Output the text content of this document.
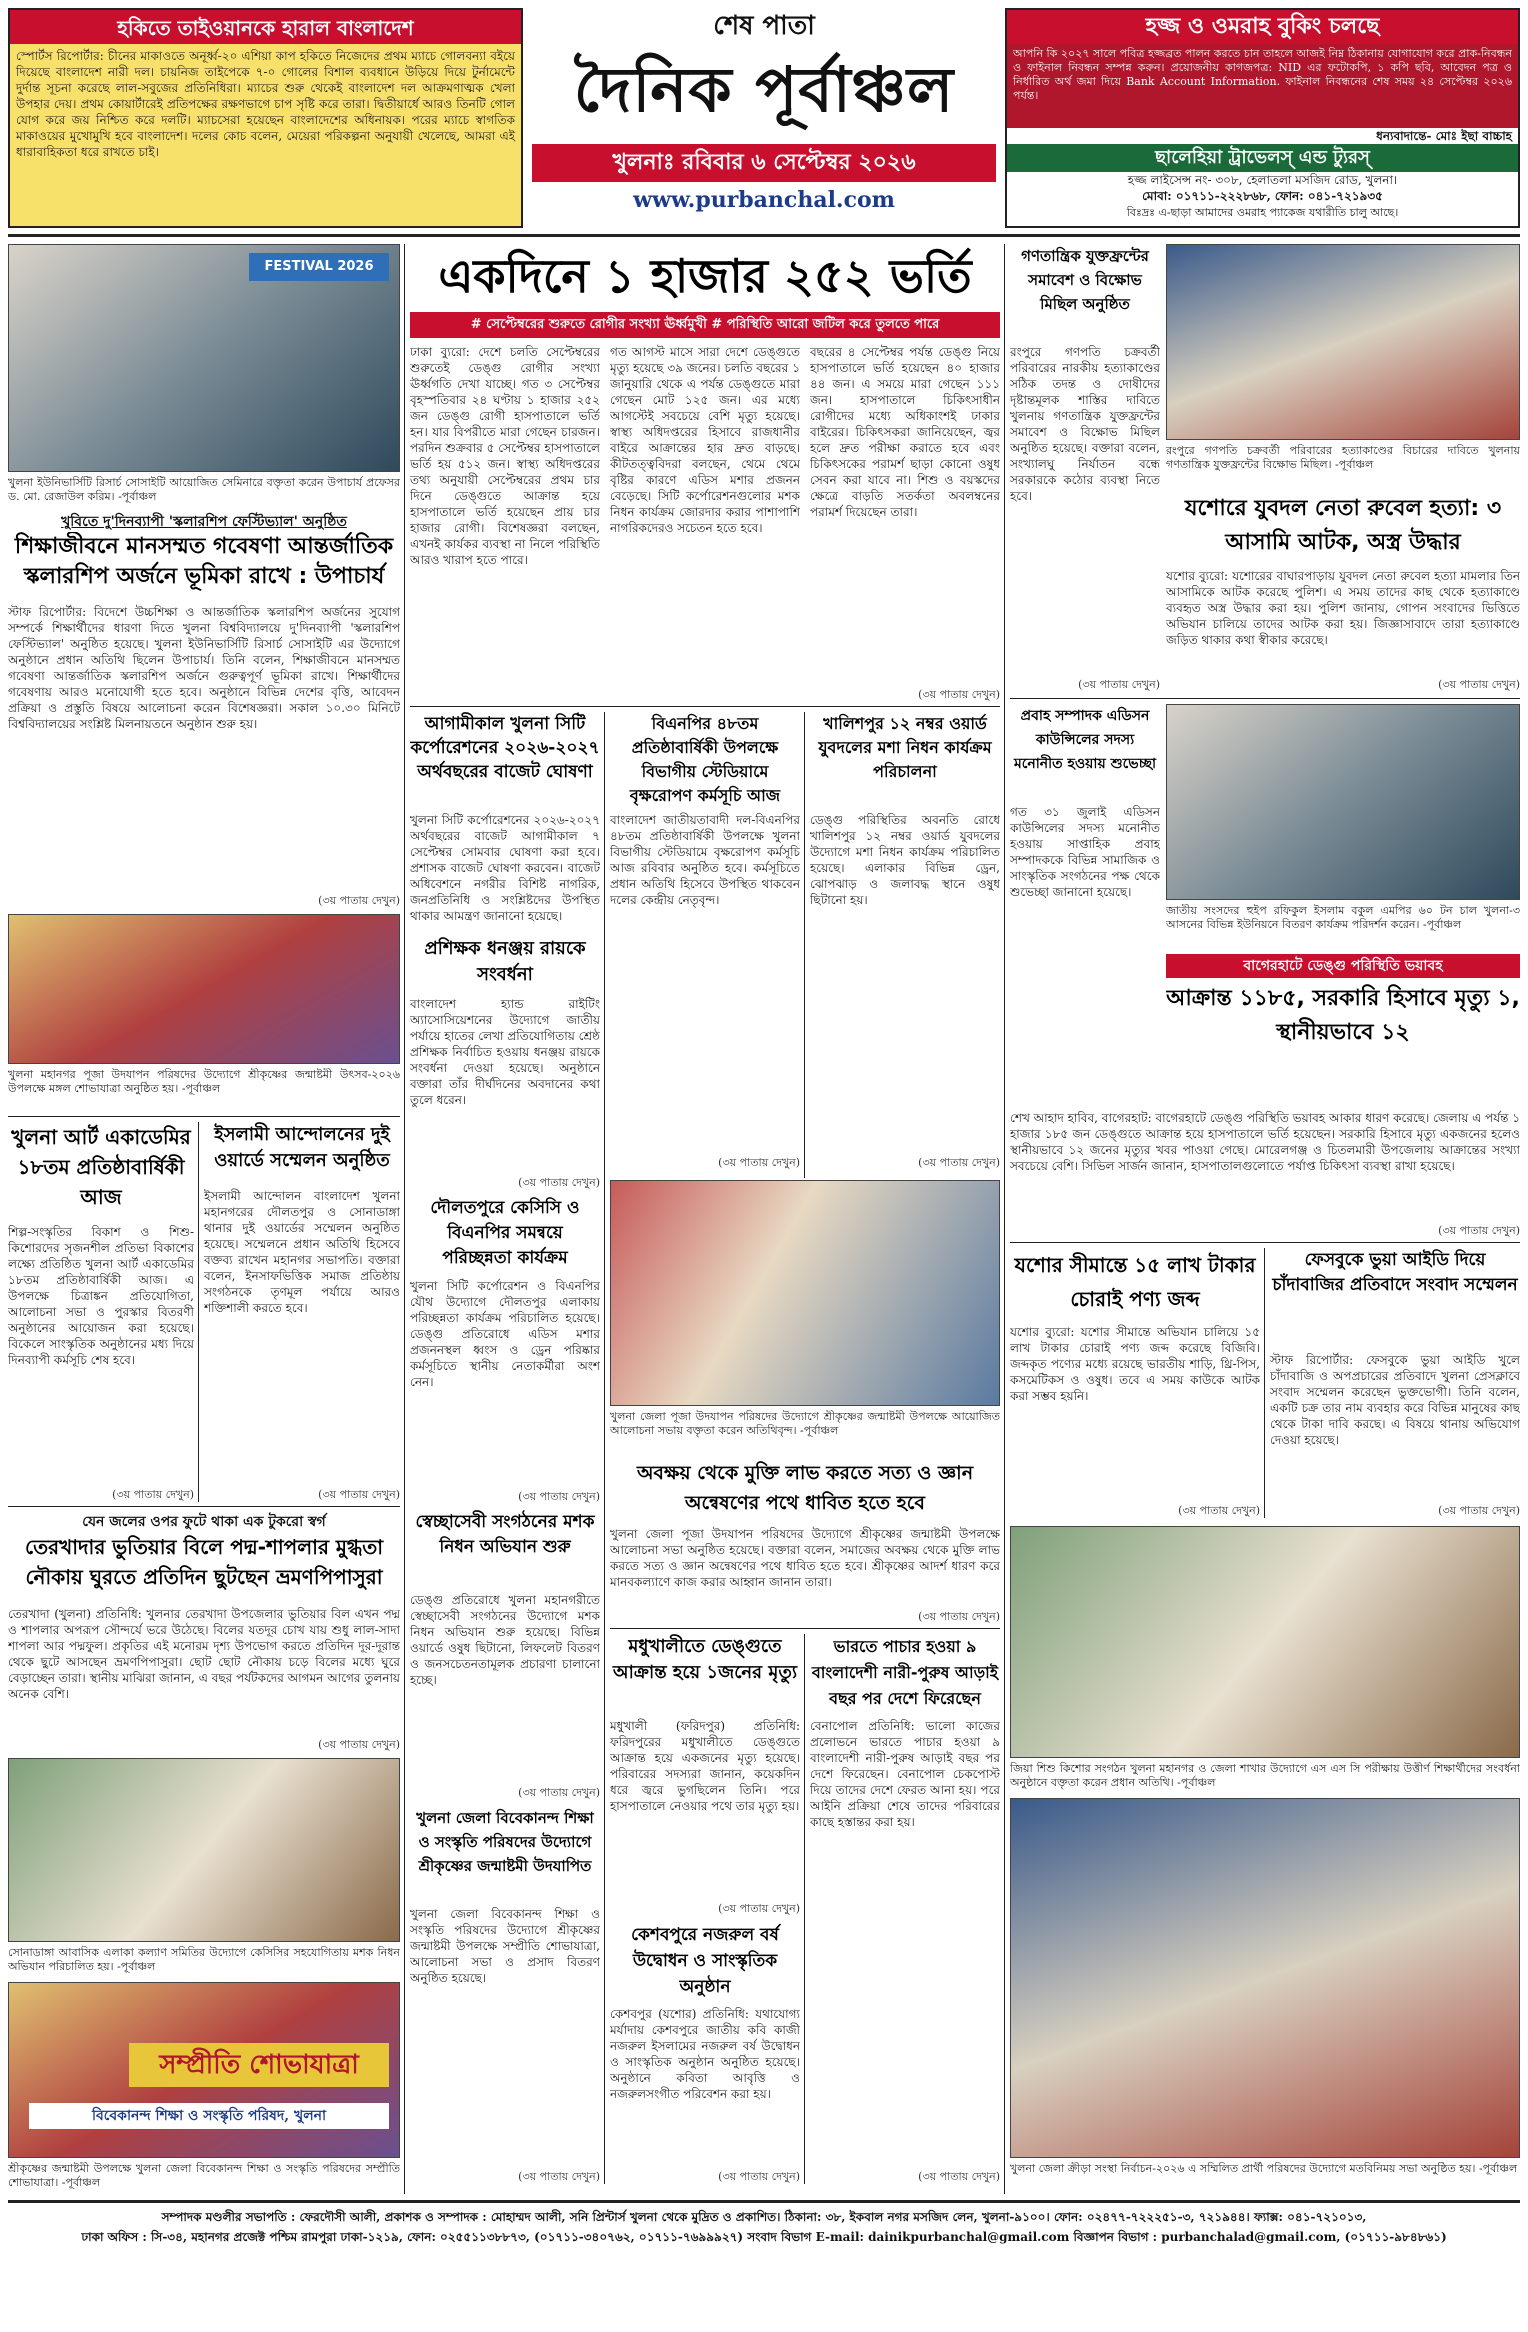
হকিতে তাইওয়ানকে হারাল বাংলাদেশ
স্পোর্টস রিপোর্টার: চীনের মাকাওতে অনূর্ধ্ব-২০ এশিয়া কাপ হকিতে নিজেদের প্রথম ম্যাচে গোলবন্যা বইয়ে দিয়েছে বাংলাদেশ নারী দল। চায়নিজ তাইপেকে ৭-০ গোলের বিশাল ব্যবধানে উড়িয়ে দিয়ে টুর্নামেন্টে দুর্দান্ত সূচনা করেছে লাল-সবুজের প্রতিনিধিরা। ম্যাচের শুরু থেকেই বাংলাদেশ দল আক্রমণাত্মক খেলা উপহার দেয়। প্রথম কোয়ার্টারেই প্রতিপক্ষের রক্ষণভাগে চাপ সৃষ্টি করে তারা। দ্বিতীয়ার্ধে আরও তিনটি গোল যোগ করে জয় নিশ্চিত করে দলটি। ম্যাচসেরা হয়েছেন বাংলাদেশের অধিনায়ক। পরের ম্যাচে স্বাগতিক মাকাওয়ের মুখোমুখি হবে বাংলাদেশ। দলের কোচ বলেন, মেয়েরা পরিকল্পনা অনুযায়ী খেলেছে, আমরা এই ধারাবাহিকতা ধরে রাখতে চাই।
শেষ পাতা
দৈনিক পূর্বাঞ্চল
খুলনাঃ রবিবার ৬ সেপ্টেম্বর ২০২৬
www.purbanchal.com
হজ্জ ও ওমরাহ বুকিং চলছে
আপনি কি ২০২৭ সালে পবিত্র হজ্জব্রত পালন করতে চান তাহলে আজই নিম্ন ঠিকানায় যোগাযোগ করে প্রাক-নিবন্ধন ও ফাইনাল নিবন্ধন সম্পন্ন করুন। প্রয়োজনীয় কাগজপত্র: NID এর ফটোকপি, ১ কপি ছবি, আবেদন পত্র ও নির্ধারিত অর্থ জমা দিয়ে Bank Account Information. ফাইনাল নিবন্ধনের শেষ সময় ২৪ সেপ্টেম্বর ২০২৬ পর্যন্ত।
ধন্যবাদান্তে- মোঃ ইছা বাচ্চাহ
ছালেহিয়া ট্রাভেলস্ এন্ড ট্যুরস্
হজ্জ লাইসেন্স নং- ৩০৮, হেলাতলা মসজিদ রোড, খুলনা।
মোবা: ০১৭১১-২২২৮৬৮, ফোন: ০৪১-৭২১৯৩৫
বিঃদ্রঃ এ-ছাড়া আমাদের ওমরাহ প্যাকেজ যথারীতি চালু আছে।
FESTIVAL 2026
খুলনা ইউনিভার্সিটি রিসার্চ সোসাইটি আয়োজিত সেমিনারে বক্তৃতা করেন উপাচার্য প্রফেসর ড. মো. রেজাউল করিম। -পূর্বাঞ্চল
খুবিতে দু'দিনব্যাপী 'স্কলারশিপ ফেস্টিভ্যাল' অনুষ্ঠিত
শিক্ষাজীবনে মানসম্মত গবেষণা আন্তর্জাতিক স্কলারশিপ অর্জনে ভূমিকা রাখে : উপাচার্য
স্টাফ রিপোর্টার: বিদেশে উচ্চশিক্ষা ও আন্তর্জাতিক স্কলারশিপ অর্জনের সুযোগ সম্পর্কে শিক্ষার্থীদের ধারণা দিতে খুলনা বিশ্ববিদ্যালয়ে দু'দিনব্যাপী 'স্কলারশিপ ফেস্টিভ্যাল' অনুষ্ঠিত হয়েছে। খুলনা ইউনিভার্সিটি রিসার্চ সোসাইটি এর উদ্যোগে অনুষ্ঠানে প্রধান অতিথি ছিলেন উপাচার্য। তিনি বলেন, শিক্ষাজীবনে মানসম্মত গবেষণা আন্তর্জাতিক স্কলারশিপ অর্জনে গুরুত্বপূর্ণ ভূমিকা রাখে। শিক্ষার্থীদের গবেষণায় আরও মনোযোগী হতে হবে। অনুষ্ঠানে বিভিন্ন দেশের বৃত্তি, আবেদন প্রক্রিয়া ও প্রস্তুতি বিষয়ে আলোচনা করেন বিশেষজ্ঞরা। সকাল ১০.৩০ মিনিটে বিশ্ববিদ্যালয়ের সংশ্লিষ্ট মিলনায়তনে অনুষ্ঠান শুরু হয়।
(৩য় পাতায় দেখুন)
খুলনা মহানগর পূজা উদযাপন পরিষদের উদ্যোগে শ্রীকৃষ্ণের জন্মাষ্টমী উৎসব-২০২৬ উপলক্ষে মঙ্গল শোভাযাত্রা অনুষ্ঠিত হয়। -পূর্বাঞ্চল
খুলনা আর্ট একাডেমির ১৮তম প্রতিষ্ঠাবার্ষিকী আজ
শিল্প-সংস্কৃতির বিকাশ ও শিশু-কিশোরদের সৃজনশীল প্রতিভা বিকাশের লক্ষ্যে প্রতিষ্ঠিত খুলনা আর্ট একাডেমির ১৮তম প্রতিষ্ঠাবার্ষিকী আজ। এ উপলক্ষে চিত্রাঙ্কন প্রতিযোগিতা, আলোচনা সভা ও পুরস্কার বিতরণী অনুষ্ঠানের আয়োজন করা হয়েছে। বিকেলে সাংস্কৃতিক অনুষ্ঠানের মধ্য দিয়ে দিনব্যাপী কর্মসূচি শেষ হবে।
(৩য় পাতায় দেখুন)
ইসলামী আন্দোলনের দুই ওয়ার্ডে সম্মেলন অনুষ্ঠিত
ইসলামী আন্দোলন বাংলাদেশ খুলনা মহানগরের দৌলতপুর ও সোনাডাঙ্গা থানার দুই ওয়ার্ডের সম্মেলন অনুষ্ঠিত হয়েছে। সম্মেলনে প্রধান অতিথি হিসেবে বক্তব্য রাখেন মহানগর সভাপতি। বক্তারা বলেন, ইনসাফভিত্তিক সমাজ প্রতিষ্ঠায় সংগঠনকে তৃণমূল পর্যায়ে আরও শক্তিশালী করতে হবে।
(৩য় পাতায় দেখুন)
যেন জলের ওপর ফুটে থাকা এক টুকরো স্বর্গ
তেরখাদার ভুতিয়ার বিলে পদ্ম-শাপলার মুগ্ধতা নৌকায় ঘুরতে প্রতিদিন ছুটছেন ভ্রমণপিপাসুরা
তেরখাদা (খুলনা) প্রতিনিধি: খুলনার তেরখাদা উপজেলার ভুতিয়ার বিল এখন পদ্ম ও শাপলার অপরূপ সৌন্দর্যে ভরে উঠেছে। বিলের যতদূর চোখ যায় শুধু লাল-সাদা শাপলা আর পদ্মফুল। প্রকৃতির এই মনোরম দৃশ্য উপভোগ করতে প্রতিদিন দূর-দূরান্ত থেকে ছুটে আসছেন ভ্রমণপিপাসুরা। ছোট ছোট নৌকায় চড়ে বিলের মধ্যে ঘুরে বেড়াচ্ছেন তারা। স্থানীয় মাঝিরা জানান, এ বছর পর্যটকদের আগমন আগের তুলনায় অনেক বেশি।
(৩য় পাতায় দেখুন)
সোনাডাঙ্গা আবাসিক এলাকা কল্যাণ সমিতির উদ্যোগে কেসিসির সহযোগিতায় মশক নিধন অভিযান পরিচালিত হয়। -পূর্বাঞ্চল
সম্প্রীতি শোভাযাত্রা
বিবেকানন্দ শিক্ষা ও সংস্কৃতি পরিষদ, খুলনা
শ্রীকৃষ্ণের জন্মাষ্টমী উপলক্ষে খুলনা জেলা বিবেকানন্দ শিক্ষা ও সংস্কৃতি পরিষদের সম্প্রীতি শোভাযাত্রা। -পূর্বাঞ্চল
একদিনে ১ হাজার ২৫২ ভর্তি
# সেপ্টেম্বরের শুরুতে রোগীর সংখ্যা ঊর্ধ্বমুখী # পরিস্থিতি আরো জটিল করে তুলতে পারে
ঢাকা ব্যুরো: দেশে চলতি সেপ্টেম্বরের শুরুতেই ডেঙ্গু রোগীর সংখ্যা ঊর্ধ্বগতি দেখা যাচ্ছে। গত ৩ সেপ্টেম্বর বৃহস্পতিবার ২৪ ঘণ্টায় ১ হাজার ২৫২ জন ডেঙ্গু রোগী হাসপাতালে ভর্তি হন। যার বিপরীতে মারা গেছেন চারজন। পরদিন শুক্রবার ৫ সেপ্টেম্বর হাসপাতালে ভর্তি হয় ৫১২ জন। স্বাস্থ্য অধিদপ্তরের তথ্য অনুযায়ী সেপ্টেম্বরের প্রথম চার দিনে ডেঙ্গুতে আক্রান্ত হয়ে হাসপাতালে ভর্তি হয়েছেন প্রায় চার হাজার রোগী। বিশেষজ্ঞরা বলছেন, এখনই কার্যকর ব্যবস্থা না নিলে পরিস্থিতি আরও খারাপ হতে পারে।
গত আগস্ট মাসে সারা দেশে ডেঙ্গুতে মৃত্যু হয়েছে ৩৯ জনের। চলতি বছরের ১ জানুয়ারি থেকে এ পর্যন্ত ডেঙ্গুতে মারা গেছেন মোট ১২৫ জন। এর মধ্যে আগস্টেই সবচেয়ে বেশি মৃত্যু হয়েছে। স্বাস্থ্য অধিদপ্তরের হিসাবে রাজধানীর বাইরে আক্রান্তের হার দ্রুত বাড়ছে। কীটতত্ত্ববিদরা বলছেন, থেমে থেমে বৃষ্টির কারণে এডিস মশার প্রজনন বেড়েছে। সিটি কর্পোরেশনগুলোর মশক নিধন কার্যক্রম জোরদার করার পাশাপাশি নাগরিকদেরও সচেতন হতে হবে।
বছরের ৪ সেপ্টেম্বর পর্যন্ত ডেঙ্গু নিয়ে হাসপাতালে ভর্তি হয়েছেন ৪০ হাজার ৪৪ জন। এ সময়ে মারা গেছেন ১১১ জন। হাসপাতালে চিকিৎসাধীন রোগীদের মধ্যে অধিকাংশই ঢাকার বাইরের। চিকিৎসকরা জানিয়েছেন, জ্বর হলে দ্রুত পরীক্ষা করাতে হবে এবং চিকিৎসকের পরামর্শ ছাড়া কোনো ওষুধ সেবন করা যাবে না। শিশু ও বয়স্কদের ক্ষেত্রে বাড়তি সতর্কতা অবলম্বনের পরামর্শ দিয়েছেন তারা।
(৩য় পাতায় দেখুন)
আগামীকাল খুলনা সিটি কর্পোরেশনের ২০২৬-২০২৭ অর্থবছরের বাজেট ঘোষণা
খুলনা সিটি কর্পোরেশনের ২০২৬-২০২৭ অর্থবছরের বাজেট আগামীকাল ৭ সেপ্টেম্বর সোমবার ঘোষণা করা হবে। প্রশাসক বাজেট ঘোষণা করবেন। বাজেট অধিবেশনে নগরীর বিশিষ্ট নাগরিক, জনপ্রতিনিধি ও সংশ্লিষ্টদের উপস্থিত থাকার আমন্ত্রণ জানানো হয়েছে।
প্রশিক্ষক ধনঞ্জয় রায়কে সংবর্ধনা
বাংলাদেশ হ্যান্ড রাইটিং অ্যাসোসিয়েশনের উদ্যোগে জাতীয় পর্যায়ে হাতের লেখা প্রতিযোগিতায় শ্রেষ্ঠ প্রশিক্ষক নির্বাচিত হওয়ায় ধনঞ্জয় রায়কে সংবর্ধনা দেওয়া হয়েছে। অনুষ্ঠানে বক্তারা তাঁর দীর্ঘদিনের অবদানের কথা তুলে ধরেন।
(৩য় পাতায় দেখুন)
দৌলতপুরে কেসিসি ও বিএনপির সমন্বয়ে পরিচ্ছন্নতা কার্যক্রম
খুলনা সিটি কর্পোরেশন ও বিএনপির যৌথ উদ্যোগে দৌলতপুর এলাকায় পরিচ্ছন্নতা কার্যক্রম পরিচালিত হয়েছে। ডেঙ্গু প্রতিরোধে এডিস মশার প্রজননস্থল ধ্বংস ও ড্রেন পরিষ্কার কর্মসূচিতে স্থানীয় নেতাকর্মীরা অংশ নেন।
(৩য় পাতায় দেখুন)
স্বেচ্ছাসেবী সংগঠনের মশক নিধন অভিযান শুরু
ডেঙ্গু প্রতিরোধে খুলনা মহানগরীতে স্বেচ্ছাসেবী সংগঠনের উদ্যোগে মশক নিধন অভিযান শুরু হয়েছে। বিভিন্ন ওয়ার্ডে ওষুধ ছিটানো, লিফলেট বিতরণ ও জনসচেতনতামূলক প্রচারণা চালানো হচ্ছে।
(৩য় পাতায় দেখুন)
খুলনা জেলা বিবেকানন্দ শিক্ষা ও সংস্কৃতি পরিষদের উদ্যোগে শ্রীকৃষ্ণের জন্মাষ্টমী উদযাপিত
খুলনা জেলা বিবেকানন্দ শিক্ষা ও সংস্কৃতি পরিষদের উদ্যোগে শ্রীকৃষ্ণের জন্মাষ্টমী উপলক্ষে সম্প্রীতি শোভাযাত্রা, আলোচনা সভা ও প্রসাদ বিতরণ অনুষ্ঠিত হয়েছে।
(৩য় পাতায় দেখুন)
বিএনপির ৪৮তম প্রতিষ্ঠাবার্ষিকী উপলক্ষে বিভাগীয় স্টেডিয়ামে বৃক্ষরোপণ কর্মসূচি আজ
বাংলাদেশ জাতীয়তাবাদী দল-বিএনপির ৪৮তম প্রতিষ্ঠাবার্ষিকী উপলক্ষে খুলনা বিভাগীয় স্টেডিয়ামে বৃক্ষরোপণ কর্মসূচি আজ রবিবার অনুষ্ঠিত হবে। কর্মসূচিতে প্রধান অতিথি হিসেবে উপস্থিত থাকবেন দলের কেন্দ্রীয় নেতৃবৃন্দ।
(৩য় পাতায় দেখুন)
খালিশপুর ১২ নম্বর ওয়ার্ড যুবদলের মশা নিধন কার্যক্রম পরিচালনা
ডেঙ্গু পরিস্থিতির অবনতি রোধে খালিশপুর ১২ নম্বর ওয়ার্ড যুবদলের উদ্যোগে মশা নিধন কার্যক্রম পরিচালিত হয়েছে। এলাকার বিভিন্ন ড্রেন, ঝোপঝাড় ও জলাবদ্ধ স্থানে ওষুধ ছিটানো হয়।
(৩য় পাতায় দেখুন)
খুলনা জেলা পূজা উদযাপন পরিষদের উদ্যোগে শ্রীকৃষ্ণের জন্মাষ্টমী উপলক্ষে আয়োজিত আলোচনা সভায় বক্তৃতা করেন অতিথিবৃন্দ। -পূর্বাঞ্চল
অবক্ষয় থেকে মুক্তি লাভ করতে সত্য ও জ্ঞান অন্বেষণের পথে ধাবিত হতে হবে
খুলনা জেলা পূজা উদযাপন পরিষদের উদ্যোগে শ্রীকৃষ্ণের জন্মাষ্টমী উপলক্ষে আলোচনা সভা অনুষ্ঠিত হয়েছে। বক্তারা বলেন, সমাজের অবক্ষয় থেকে মুক্তি লাভ করতে সত্য ও জ্ঞান অন্বেষণের পথে ধাবিত হতে হবে। শ্রীকৃষ্ণের আদর্শ ধারণ করে মানবকল্যাণে কাজ করার আহ্বান জানান তারা।
(৩য় পাতায় দেখুন)
মধুখালীতে ডেঙ্গুতে আক্রান্ত হয়ে ১জনের মৃত্যু
মধুখালী (ফরিদপুর) প্রতিনিধি: ফরিদপুরের মধুখালীতে ডেঙ্গুতে আক্রান্ত হয়ে একজনের মৃত্যু হয়েছে। পরিবারের সদস্যরা জানান, কয়েকদিন ধরে জ্বরে ভুগছিলেন তিনি। পরে হাসপাতালে নেওয়ার পথে তার মৃত্যু হয়।
(৩য় পাতায় দেখুন)
কেশবপুরে নজরুল বর্ষ উদ্বোধন ও সাংস্কৃতিক অনুষ্ঠান
কেশবপুর (যশোর) প্রতিনিধি: যথাযোগ্য মর্যাদায় কেশবপুরে জাতীয় কবি কাজী নজরুল ইসলামের নজরুল বর্ষ উদ্বোধন ও সাংস্কৃতিক অনুষ্ঠান অনুষ্ঠিত হয়েছে। অনুষ্ঠানে কবিতা আবৃত্তি ও নজরুলসংগীত পরিবেশন করা হয়।
(৩য় পাতায় দেখুন)
ভারতে পাচার হওয়া ৯ বাংলাদেশী নারী-পুরুষ আড়াই বছর পর দেশে ফিরেছেন
বেনাপোল প্রতিনিধি: ভালো কাজের প্রলোভনে ভারতে পাচার হওয়া ৯ বাংলাদেশী নারী-পুরুষ আড়াই বছর পর দেশে ফিরেছেন। বেনাপোল চেকপোস্ট দিয়ে তাদের দেশে ফেরত আনা হয়। পরে আইনি প্রক্রিয়া শেষে তাদের পরিবারের কাছে হস্তান্তর করা হয়।
(৩য় পাতায় দেখুন)
গণতান্ত্রিক যুক্তফ্রন্টের সমাবেশ ও বিক্ষোভ মিছিল অনুষ্ঠিত
রংপুরে গণপতি চক্রবর্তী পরিবারের নারকীয় হত্যাকাণ্ডের সঠিক তদন্ত ও দোষীদের দৃষ্টান্তমূলক শাস্তির দাবিতে খুলনায় গণতান্ত্রিক যুক্তফ্রন্টের সমাবেশ ও বিক্ষোভ মিছিল অনুষ্ঠিত হয়েছে। বক্তারা বলেন, সংখ্যালঘু নির্যাতন বন্ধে সরকারকে কঠোর ব্যবস্থা নিতে হবে।
(৩য় পাতায় দেখুন)
রংপুরে গণপতি চক্রবর্তী পরিবারের হত্যাকাণ্ডের বিচারের দাবিতে খুলনায় গণতান্ত্রিক যুক্তফ্রন্টের বিক্ষোভ মিছিল। -পূর্বাঞ্চল
যশোরে যুবদল নেতা রুবেল হত্যা: ৩ আসামি আটক, অস্ত্র উদ্ধার
যশোর ব্যুরো: যশোরের বাঘারপাড়ায় যুবদল নেতা রুবেল হত্যা মামলার তিন আসামিকে আটক করেছে পুলিশ। এ সময় তাদের কাছ থেকে হত্যাকাণ্ডে ব্যবহৃত অস্ত্র উদ্ধার করা হয়। পুলিশ জানায়, গোপন সংবাদের ভিত্তিতে অভিযান চালিয়ে তাদের আটক করা হয়। জিজ্ঞাসাবাদে তারা হত্যাকাণ্ডে জড়িত থাকার কথা স্বীকার করেছে।
(৩য় পাতায় দেখুন)
প্রবাহ সম্পাদক এডিসন কাউন্সিলের সদস্য মনোনীত হওয়ায় শুভেচ্ছা
গত ৩১ জুলাই এডিসন কাউন্সিলের সদস্য মনোনীত হওয়ায় সাপ্তাহিক প্রবাহ সম্পাদককে বিভিন্ন সামাজিক ও সাংস্কৃতিক সংগঠনের পক্ষ থেকে শুভেচ্ছা জানানো হয়েছে।
জাতীয় সংসদের হুইপ রফিকুল ইসলাম বকুল এমপির ৬০ টন চাল খুলনা-৩ আসনের বিভিন্ন ইউনিয়নে বিতরণ কার্যক্রম পরিদর্শন করেন। -পূর্বাঞ্চল
বাগেরহাটে ডেঙ্গু পরিস্থিতি ভয়াবহ
আক্রান্ত ১১৮৫, সরকারি হিসাবে মৃত্যু ১, স্থানীয়ভাবে ১২
শেখ আহাদ হাবিব, বাগেরহাট: বাগেরহাটে ডেঙ্গু পরিস্থিতি ভয়াবহ আকার ধারণ করেছে। জেলায় এ পর্যন্ত ১ হাজার ১৮৫ জন ডেঙ্গুতে আক্রান্ত হয়ে হাসপাতালে ভর্তি হয়েছেন। সরকারি হিসাবে মৃত্যু একজনের হলেও স্থানীয়ভাবে ১২ জনের মৃত্যুর খবর পাওয়া গেছে। মোরেলগঞ্জ ও চিতলমারী উপজেলায় আক্রান্তের সংখ্যা সবচেয়ে বেশি। সিভিল সার্জন জানান, হাসপাতালগুলোতে পর্যাপ্ত চিকিৎসা ব্যবস্থা রাখা হয়েছে।
(৩য় পাতায় দেখুন)
যশোর সীমান্তে ১৫ লাখ টাকার চোরাই পণ্য জব্দ
যশোর ব্যুরো: যশোর সীমান্তে অভিযান চালিয়ে ১৫ লাখ টাকার চোরাই পণ্য জব্দ করেছে বিজিবি। জব্দকৃত পণ্যের মধ্যে রয়েছে ভারতীয় শাড়ি, থ্রি-পিস, কসমেটিকস ও ওষুধ। তবে এ সময় কাউকে আটক করা সম্ভব হয়নি।
(৩য় পাতায় দেখুন)
ফেসবুকে ভুয়া আইডি দিয়ে চাঁদাবাজির প্রতিবাদে সংবাদ সম্মেলন
স্টাফ রিপোর্টার: ফেসবুকে ভুয়া আইডি খুলে চাঁদাবাজি ও অপপ্রচারের প্রতিবাদে খুলনা প্রেসক্লাবে সংবাদ সম্মেলন করেছেন ভুক্তভোগী। তিনি বলেন, একটি চক্র তার নাম ব্যবহার করে বিভিন্ন মানুষের কাছ থেকে টাকা দাবি করছে। এ বিষয়ে থানায় অভিযোগ দেওয়া হয়েছে।
(৩য় পাতায় দেখুন)
জিয়া শিশু কিশোর সংগঠন খুলনা মহানগর ও জেলা শাখার উদ্যোগে এস এস সি পরীক্ষায় উত্তীর্ণ শিক্ষার্থীদের সংবর্ধনা অনুষ্ঠানে বক্তৃতা করেন প্রধান অতিথি। -পূর্বাঞ্চল
খুলনা জেলা ক্রীড়া সংস্থা নির্বাচন-২০২৬ এ সম্মিলিত প্রার্থী পরিষদের উদ্যোগে মতবিনিময় সভা অনুষ্ঠিত হয়। -পূর্বাঞ্চল
সম্পাদক মণ্ডলীর সভাপতি : ফেরদৌসী আলী, প্রকাশক ও সম্পাদক : মোহাম্মদ আলী, সনি প্রিন্টার্স খুলনা থেকে মুদ্রিত ও প্রকাশিত। ঠিকানা: ৩৮, ইকবাল নগর মসজিদ লেন, খুলনা-৯১০০। ফোন: ০২৪৭৭-৭২২২৫১-৩, ৭২১৯৪৪। ফ্যাক্স: ০৪১-৭২১০১৩,
ঢাকা অফিস : সি-৩৪, মহানগর প্রজেক্ট পশ্চিম রামপুরা ঢাকা-১২১৯, ফোন: ০২৫৫১১৩৮৮৭৩, (০১৭১১-৩৪০৭৬২, ০১৭১১-৭৬৯৯৯২৭) সংবাদ বিভাগ E-mail: dainikpurbanchal@gmail.com বিজ্ঞাপন বিভাগ : purbanchalad@gmail.com, (০১৭১১-৯৮৪৮৬১)
